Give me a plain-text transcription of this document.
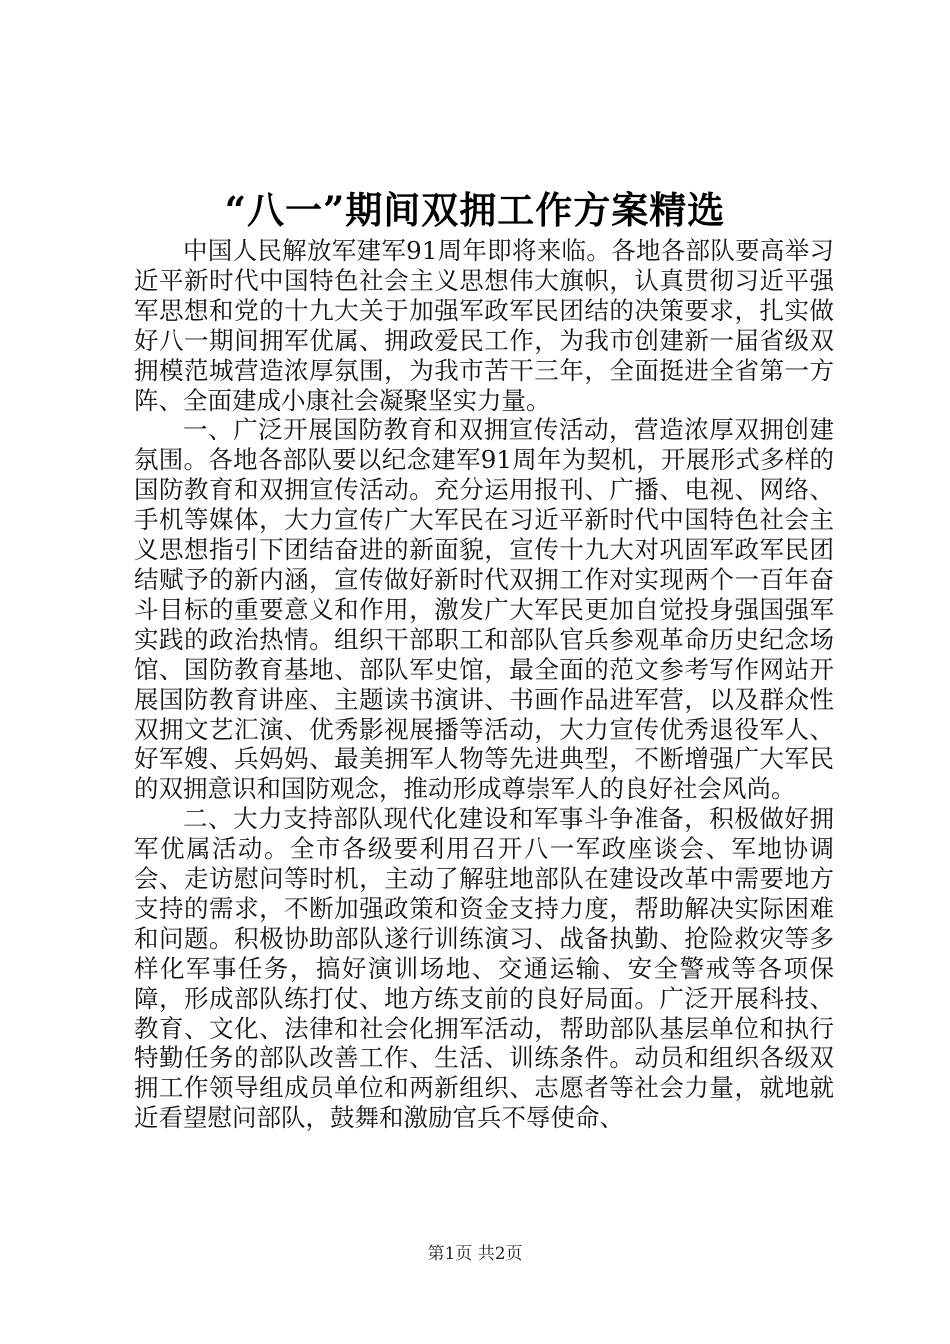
“八一”期间双拥工作方案精选

中国人民解放军建军91周年即将来临。各地各部队要高举习近平新时代中国特色社会主义思想伟大旗帜，认真贯彻习近平强军思想和党的十九大关于加强军政军民团结的决策要求，扎实做好八一期间拥军优属、拥政爱民工作，为我市创建新一届省级双拥模范城营造浓厚氛围，为我市苦干三年，全面挺进全省第一方阵、全面建成小康社会凝聚坚实力量。

一、广泛开展国防教育和双拥宣传活动，营造浓厚双拥创建氛围。各地各部队要以纪念建军91周年为契机，开展形式多样的国防教育和双拥宣传活动。充分运用报刊、广播、电视、网络、手机等媒体，大力宣传广大军民在习近平新时代中国特色社会主义思想指引下团结奋进的新面貌，宣传十九大对巩固军政军民团结赋予的新内涵，宣传做好新时代双拥工作对实现两个一百年奋斗目标的重要意义和作用，激发广大军民更加自觉投身强国强军实践的政治热情。组织干部职工和部队官兵参观革命历史纪念场馆、国防教育基地、部队军史馆，最全面的范文参考写作网站开展国防教育讲座、主题读书演讲、书画作品进军营，以及群众性双拥文艺汇演、优秀影视展播等活动，大力宣传优秀退役军人、好军嫂、兵妈妈、最美拥军人物等先进典型，不断增强广大军民的双拥意识和国防观念，推动形成尊崇军人的良好社会风尚。

二、大力支持部队现代化建设和军事斗争准备，积极做好拥军优属活动。全市各级要利用召开八一军政座谈会、军地协调会、走访慰问等时机，主动了解驻地部队在建设改革中需要地方支持的需求，不断加强政策和资金支持力度，帮助解决实际困难和问题。积极协助部队遂行训练演习、战备执勤、抢险救灾等多样化军事任务，搞好演训场地、交通运输、安全警戒等各项保障，形成部队练打仗、地方练支前的良好局面。广泛开展科技、教育、文化、法律和社会化拥军活动，帮助部队基层单位和执行特勤任务的部队改善工作、生活、训练条件。动员和组织各级双拥工作领导组成员单位和两新组织、志愿者等社会力量，就地就近看望慰问部队，鼓舞和激励官兵不辱使命、

第1页 共2页
